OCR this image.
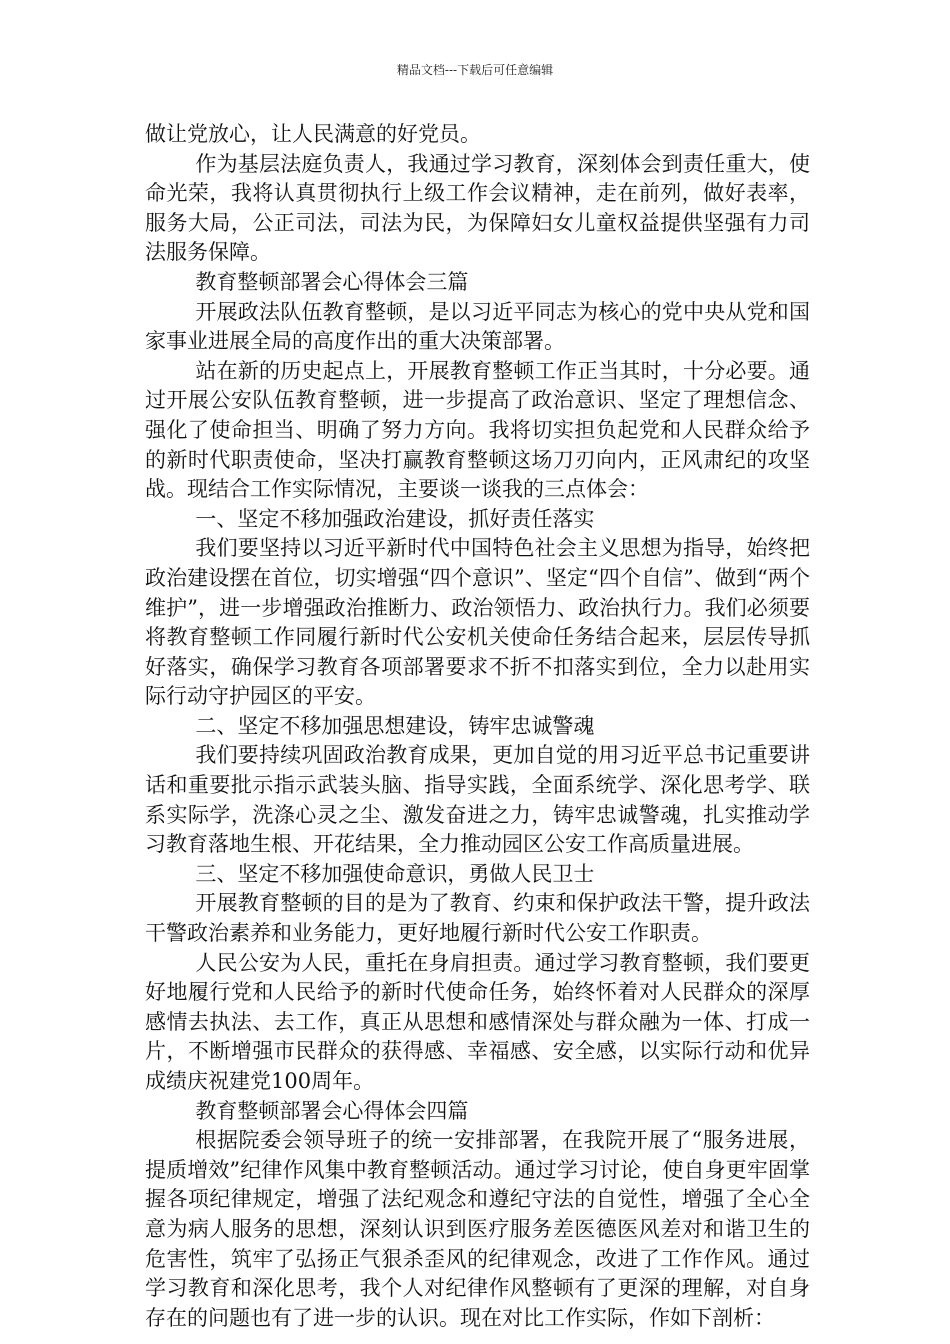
精品文档---下载后可任意编辑

做让党放心，让人民满意的好党员。

作为基层法庭负责人，我通过学习教育，深刻体会到责任重大，使命光荣，我将认真贯彻执行上级工作会议精神，走在前列，做好表率，服务大局，公正司法，司法为民，为保障妇女儿童权益提供坚强有力司法服务保障。

教育整顿部署会心得体会三篇

开展政法队伍教育整顿，是以习近平同志为核心的党中央从党和国家事业进展全局的高度作出的重大决策部署。

站在新的历史起点上，开展教育整顿工作正当其时，十分必要。通过开展公安队伍教育整顿，进一步提高了政治意识、坚定了理想信念、强化了使命担当、明确了努力方向。我将切实担负起党和人民群众给予的新时代职责使命，坚决打赢教育整顿这场刀刃向内，正风肃纪的攻坚战。现结合工作实际情况，主要谈一谈我的三点体会：

一、坚定不移加强政治建设，抓好责任落实

我们要坚持以习近平新时代中国特色社会主义思想为指导，始终把政治建设摆在首位，切实增强“四个意识”、坚定“四个自信”、做到“两个维护”，进一步增强政治推断力、政治领悟力、政治执行力。我们必须要将教育整顿工作同履行新时代公安机关使命任务结合起来，层层传导抓好落实，确保学习教育各项部署要求不折不扣落实到位，全力以赴用实际行动守护园区的平安。

二、坚定不移加强思想建设，铸牢忠诚警魂

我们要持续巩固政治教育成果，更加自觉的用习近平总书记重要讲话和重要批示指示武装头脑、指导实践，全面系统学、深化思考学、联系实际学，洗涤心灵之尘、激发奋进之力，铸牢忠诚警魂，扎实推动学习教育落地生根、开花结果，全力推动园区公安工作高质量进展。

三、坚定不移加强使命意识，勇做人民卫士

开展教育整顿的目的是为了教育、约束和保护政法干警，提升政法干警政治素养和业务能力，更好地履行新时代公安工作职责。

人民公安为人民，重托在身肩担责。通过学习教育整顿，我们要更好地履行党和人民给予的新时代使命任务，始终怀着对人民群众的深厚感情去执法、去工作，真正从思想和感情深处与群众融为一体、打成一片，不断增强市民群众的获得感、幸福感、安全感，以实际行动和优异成绩庆祝建党100周年。

教育整顿部署会心得体会四篇

根据院委会领导班子的统一安排部署，在我院开展了“服务进展，提质增效”纪律作风集中教育整顿活动。通过学习讨论，使自身更牢固掌握各项纪律规定，增强了法纪观念和遵纪守法的自觉性，增强了全心全意为病人服务的思想，深刻认识到医疗服务差医德医风差对和谐卫生的危害性，筑牢了弘扬正气狠杀歪风的纪律观念，改进了工作作风。通过学习教育和深化思考，我个人对纪律作风整顿有了更深的理解，对自身存在的问题也有了进一步的认识。现在对比工作实际，作如下剖析：
